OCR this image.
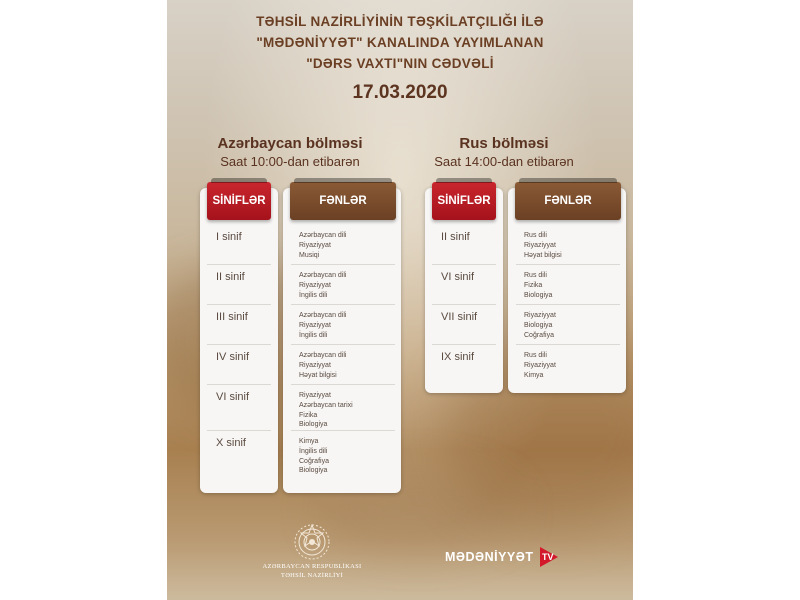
TƏHSİL NAZİRLİYİNİN TƏŞKİLATÇILIĞI İLƏ
"MƏDƏNİYYƏT" KANALINDA YAYIMLANAN
"DƏRS VAXTI"NIN CƏDVƏLİ
17.03.2020
Azərbaycan bölməsi
Saat 10:00-dan etibarən
SİNİFLƏR	FƏNLƏR
I sinif	Azərbaycan dili
Riyaziyyat
Musiqi
II sinif	Azərbaycan dili
Riyaziyyat
İngilis dili
III sinif	Azərbaycan dili
Riyaziyyat
İngilis dili
IV sinif	Azərbaycan dili
Riyaziyyat
Həyat bilgisi
VI sinif	Riyaziyyat
Azərbaycan tarixi
Fizika
Biologiya
X sinif	Kimya
İngilis dili
Coğrafiya
Biologiya
Rus bölməsi
Saat 14:00-dan etibarən
SİNİFLƏR	FƏNLƏR
II sinif	Rus dili
Riyaziyyat
Həyat bilgisi
VI sinif	Rus dili
Fizika
Biologiya
VII sinif	Riyaziyyat
Biologiya
Coğrafiya
IX sinif	Rus dili
Riyaziyyat
Kimya
AZƏRBAYCAN RESPUBLİKASI
TƏHSİL NAZİRLİYİ
MƏDƏNİYYƏT TV
